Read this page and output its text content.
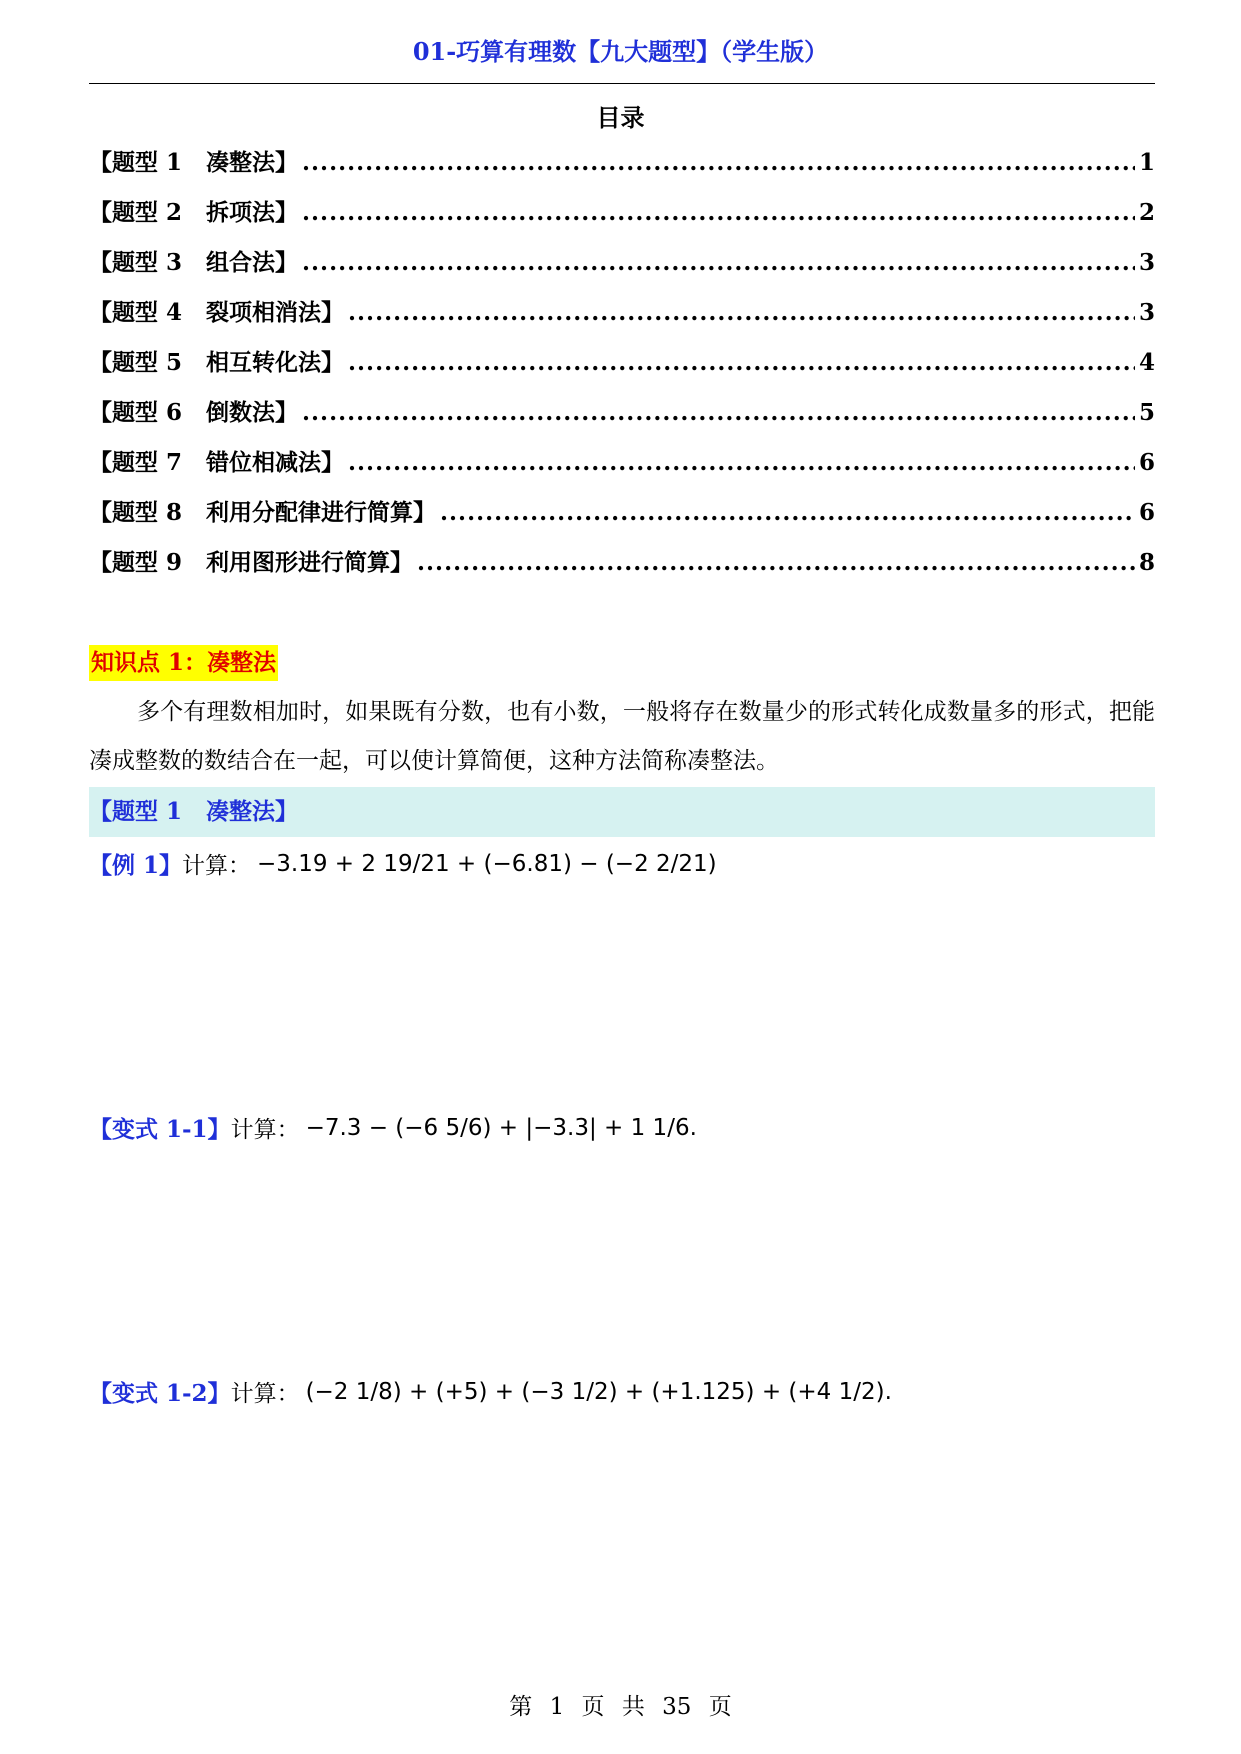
01-巧算有理数【九大题型】（学生版）
目录
【题型 1   凑整法】 .....	1
【题型 2   拆项法】 .....	2
【题型 3   组合法】 .....	3
【题型 4   裂项相消法】 .....	3
【题型 5   相互转化法】 .....	4
【题型 6   倒数法】 .....	5
【题型 7   错位相减法】 .....	6
【题型 8   利用分配律进行简算】 .....	6
【题型 9   利用图形进行简算】 .....	8
知识点 1：凑整法
多个有理数相加时，如果既有分数，也有小数，一般将存在数量少的形式转化成数量多的形式，把能凑成整数的数结合在一起，可以使计算简便，这种方法简称凑整法。
【题型 1   凑整法】
【例 1】 计算： −3.19 + 2 19/21 + (−6.81) − (−2 2/21)
【变式 1-1】 计算： −7.3 − (−6 5/6) + |−3.3| + 1 1/6.
【变式 1-2】 计算： (−2 1/8) + (+5) + (−3 1/2) + (+1.125) + (+4 1/2).
第 1 页 共 35 页
